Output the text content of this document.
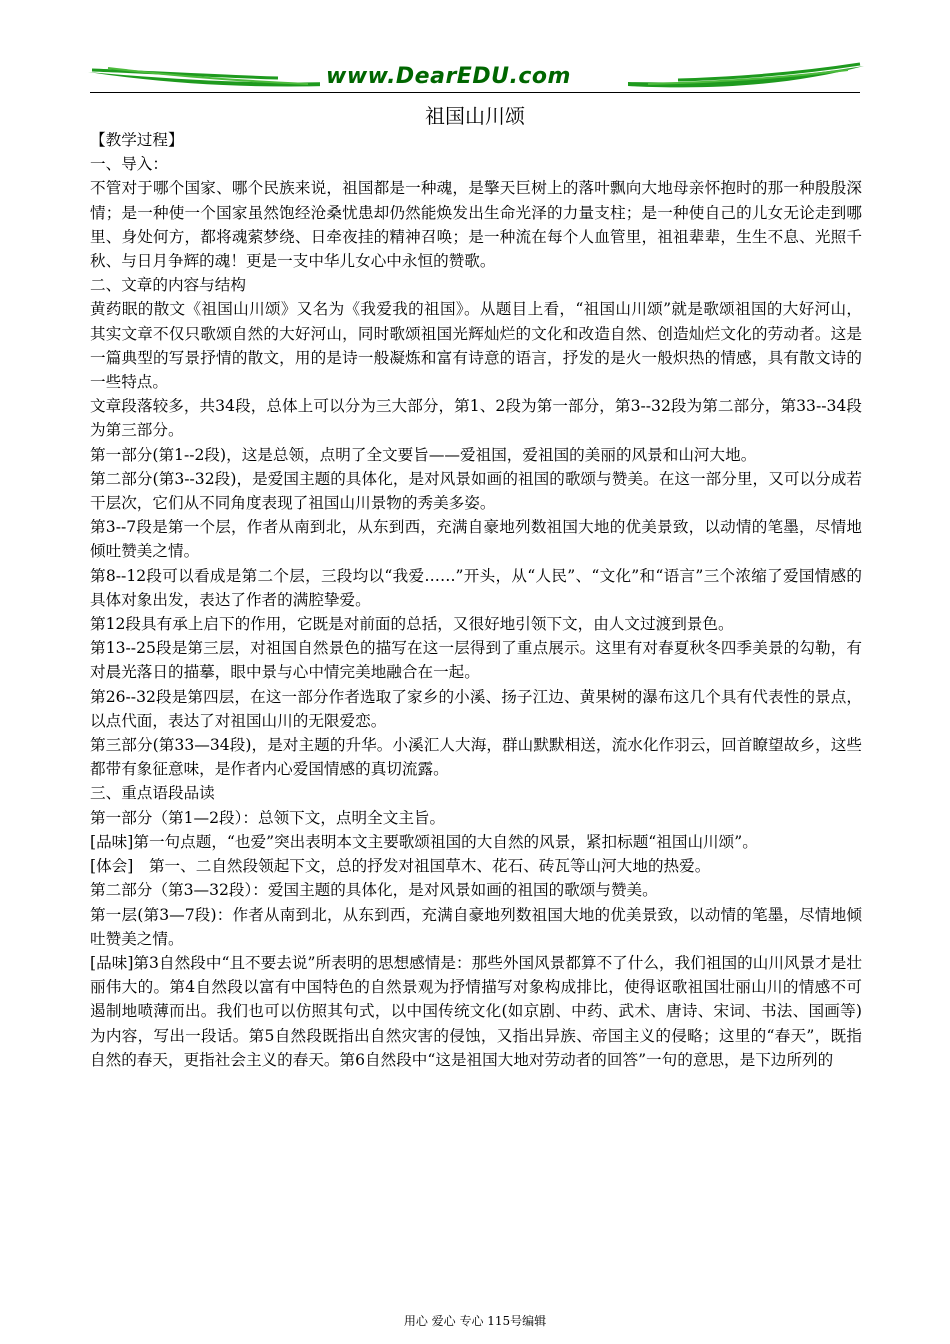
www.DearEDU.com
祖国山川颂

【教学过程】

一、导入：

不管对于哪个国家、哪个民族来说，祖国都是一种魂，是擎天巨树上的落叶飘向大地母亲怀抱时的那一种殷殷深情；是一种使一个国家虽然饱经沧桑忧患却仍然能焕发出生命光泽的力量支柱；是一种使自己的儿女无论走到哪里、身处何方，都将魂萦梦绕、日牵夜挂的精神召唤；是一种流在每个人血管里，祖祖辈辈，生生不息、光照千秋、与日月争辉的魂！更是一支中华儿女心中永恒的赞歌。

二、文章的内容与结构

黄药眠的散文《祖国山川颂》又名为《我爱我的祖国》。从题目上看，“祖国山川颂”就是歌颂祖国的大好河山，其实文章不仅只歌颂自然的大好河山，同时歌颂祖国光辉灿烂的文化和改造自然、创造灿烂文化的劳动者。这是一篇典型的写景抒情的散文，用的是诗一般凝炼和富有诗意的语言，抒发的是火一般炽热的情感，具有散文诗的一些特点。

文章段落较多，共34段，总体上可以分为三大部分，第1、2段为第一部分，第3--32段为第二部分，第33--34段为第三部分。

第一部分(第1--2段)，这是总领，点明了全文要旨——爱祖国，爱祖国的美丽的风景和山河大地。

第二部分(第3--32段)，是爱国主题的具体化，是对风景如画的祖国的歌颂与赞美。在这一部分里，又可以分成若干层次，它们从不同角度表现了祖国山川景物的秀美多姿。

第3--7段是第一个层，作者从南到北，从东到西，充满自豪地列数祖国大地的优美景致，以动情的笔墨，尽情地倾吐赞美之情。

第8--12段可以看成是第二个层，三段均以“我爱……”开头，从“人民”、“文化”和“语言”三个浓缩了爱国情感的具体对象出发，表达了作者的满腔挚爱。

第12段具有承上启下的作用，它既是对前面的总括，又很好地引领下文，由人文过渡到景色。

第13--25段是第三层，对祖国自然景色的描写在这一层得到了重点展示。这里有对春夏秋冬四季美景的勾勒，有对晨光落日的描摹，眼中景与心中情完美地融合在一起。

第26--32段是第四层，在这一部分作者选取了家乡的小溪、扬子江边、黄果树的瀑布这几个具有代表性的景点，以点代面，表达了对祖国山川的无限爱恋。

第三部分(第33—34段)，是对主题的升华。小溪汇人大海，群山默默相送，流水化作羽云，回首瞭望故乡，这些都带有象征意味，是作者内心爱国情感的真切流露。

三、重点语段品读

第一部分（第1—2段）：总领下文，点明全文主旨。

[品味]第一句点题，“也爱”突出表明本文主要歌颂祖国的大自然的风景，紧扣标题“祖国山川颂”。

[体会]　第一、二自然段领起下文，总的抒发对祖国草木、花石、砖瓦等山河大地的热爱。

第二部分（第3—32段）：爱国主题的具体化，是对风景如画的祖国的歌颂与赞美。

第一层(第3—7段)：作者从南到北，从东到西，充满自豪地列数祖国大地的优美景致，以动情的笔墨，尽情地倾吐赞美之情。

[品味]第3自然段中“且不要去说”所表明的思想感情是：那些外国风景都算不了什么，我们祖国的山川风景才是壮丽伟大的。第4自然段以富有中国特色的自然景观为抒情描写对象构成排比，使得讴歌祖国壮丽山川的情感不可遏制地喷薄而出。我们也可以仿照其句式，以中国传统文化(如京剧、中药、武术、唐诗、宋词、书法、国画等)为内容，写出一段话。第5自然段既指出自然灾害的侵蚀，又指出异族、帝国主义的侵略；这里的“春天”，既指自然的春天，更指社会主义的春天。第6自然段中“这是祖国大地对劳动者的回答”一句的意思，是下边所列的

用心 爱心 专心 115号编辑
